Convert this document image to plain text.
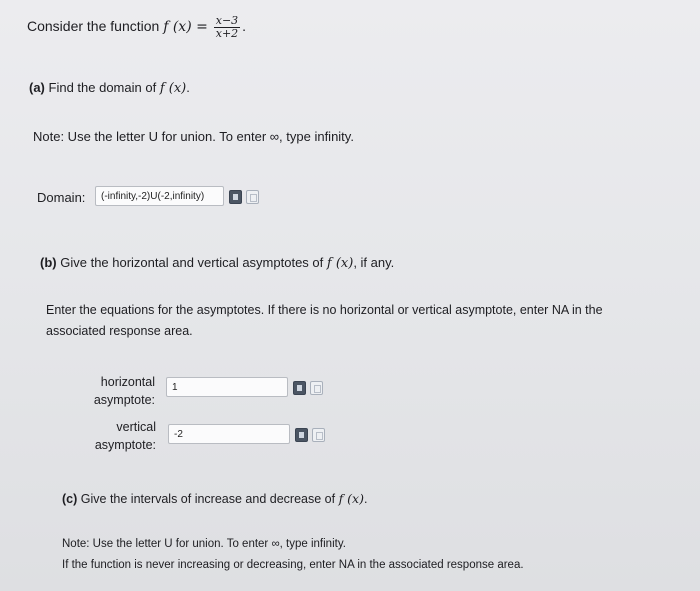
Consider the function f $(x) = \frac{x-3}{x+2}$ .
(a) Find the domain of f (x).
Note: Use the letter U for union. To enter ∞, type infinity.
Domain:	(-infinity,-2)U(-2,infinity)
(b) Give the horizontal and vertical asymptotes of f (x), if any.
Enter the equations for the asymptotes. If there is no horizontal or vertical asymptote, enter NA in the
associated response area.
horizontal
asymptote:
1
vertical
asymptote:
-2
(c) Give the intervals of increase and decrease of f (x).
Note: Use the letter U for union. To enter ∞, type infinity.
If the function is never increasing or decreasing, enter NA in the associated response area.
